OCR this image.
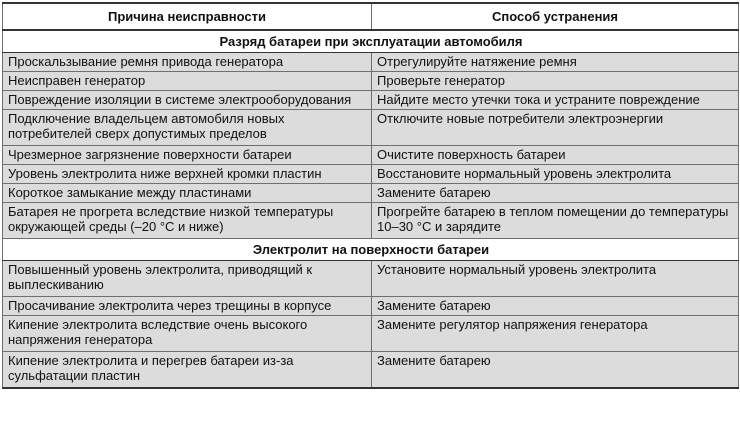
Причина неисправности	Способ устранения
Разряд батареи при эксплуатации автомобиля	
Проскальзывание ремня привода генератора	Отрегулируйте натяжение ремня
Неисправен генератор	Проверьте генератор
Повреждение изоляции в системе электрооборудования	Найдите место утечки тока и устраните повреждение
Подключение владельцем автомобиля новых потребителей сверх допустимых пределов	Отключите новые потребители электроэнергии
Чрезмерное загрязнение поверхности батареи	Очистите поверхность батареи
Уровень электролита ниже верхней кромки пластин	Восстановите нормальный уровень электролита
Короткое замыкание между пластинами	Замените батарею
Батарея не прогрета вследствие низкой температуры окружающей среды (–20 °С и ниже)	Прогрейте батарею в теплом помещении до температуры 10–30 °С и зарядите
Электролит на поверхности батареи	
Повышенный уровень электролита, приводящий к выплескиванию	Установите нормальный уровень электролита
Просачивание электролита через трещины в корпусе	Замените батарею
Кипение электролита вследствие очень высокого напряжения генератора	Замените регулятор напряжения генератора
Кипение электролита и перегрев батареи из-за сульфатации пластин	Замените батарею
